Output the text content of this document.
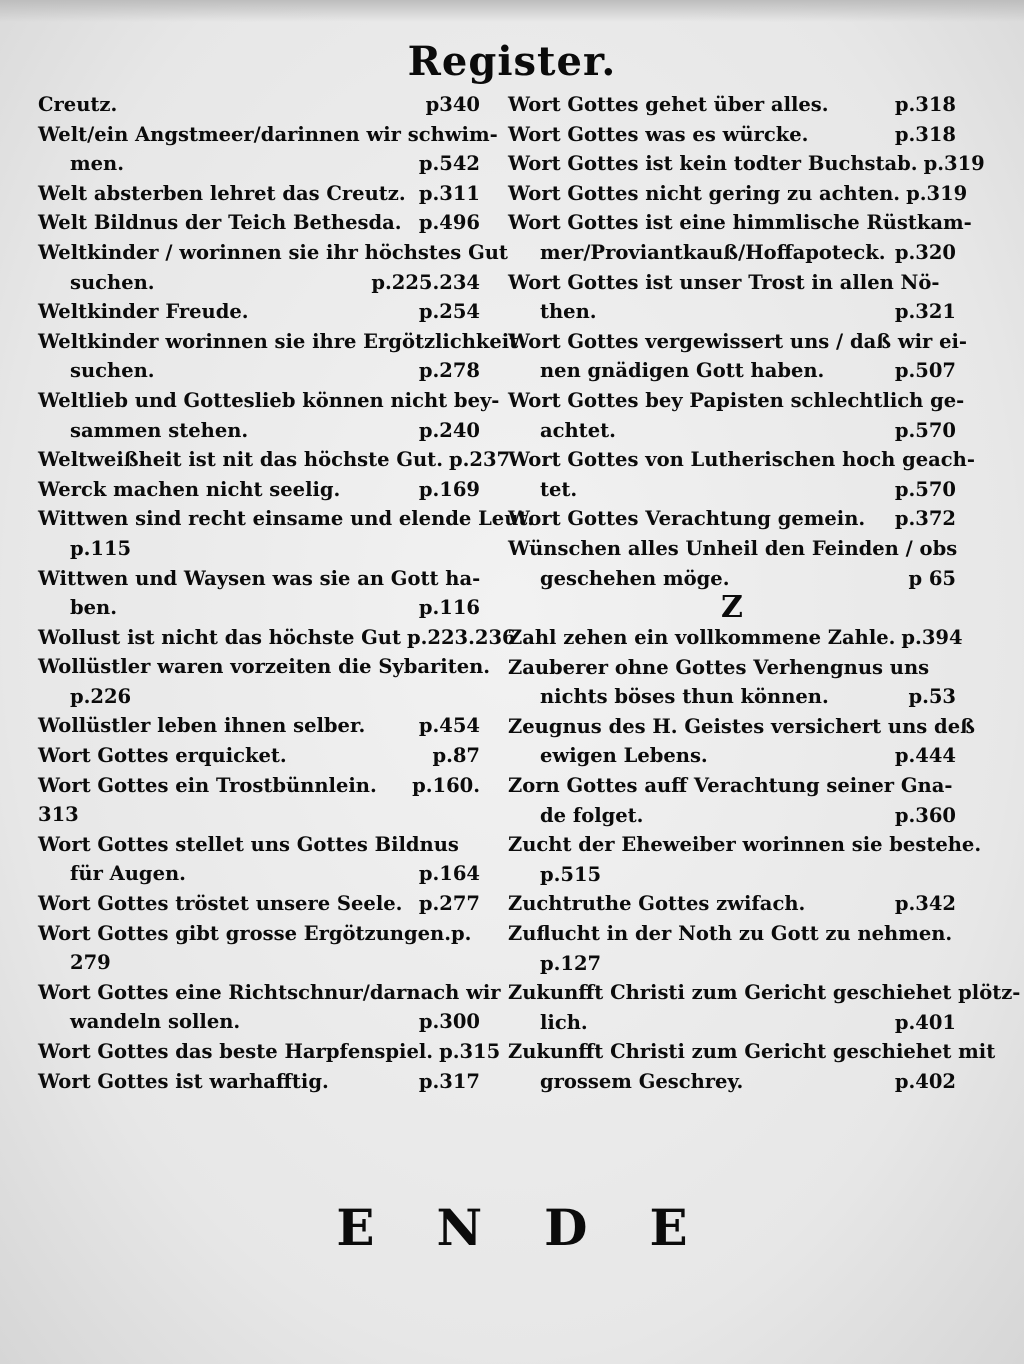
Register.
Creutz.	p340
Welt/ein Angstmeer/darinnen wir schwim-
men.	p.542
Welt absterben lehret das Creutz. p.311
Welt Bildnus der Teich Bethesda. p.496
Weltkinder / worinnen sie ihr höchstes Gut
suchen.	p.225.234
Weltkinder Freude.	p.254
Weltkinder worinnen sie ihre Ergötzlichkeit
suchen.	p.278
Weltlieb und Gotteslieb können nicht bey-
sammen stehen.	p.240
Weltweißheit ist nit das höchste Gut. p.237
Werck machen nicht seelig.	p.169
Wittwen sind recht einsame und elende Leut.
p.115
Wittwen und Waysen was sie an Gott ha-
ben.	p.116
Wollust ist nicht das höchste Gut p.223.236
Wollüstler waren vorzeiten die Sybariten.
p.226
Wollüstler leben ihnen selber.	p.454
Wort Gottes erquicket.	p.87
Wort Gottes ein Trostbünnlein.	p.160.
313
Wort Gottes stellet uns Gottes Bildnus
für Augen.	p.164
Wort Gottes tröstet unsere Seele. p.277
Wort Gottes gibt grosse Ergötzungen.p.
279
Wort Gottes eine Richtschnur/darnach wir
wandeln sollen.	p.300
Wort Gottes das beste Harpfenspiel. p.315
Wort Gottes ist warhafftig.	p.317
Wort Gottes gehet über alles.	p.318
Wort Gottes was es würcke.	p.318
Wort Gottes ist kein todter Buchstab. p.319
Wort Gottes nicht gering zu achten. p.319
Wort Gottes ist eine himmlische Rüstkam-
mer/Proviantkauß/Hoffapoteck. p.320
Wort Gottes ist unser Trost in allen Nö-
then.	p.321
Wort Gottes vergewissert uns / daß wir ei-
nen gnädigen Gott haben.	p.507
Wort Gottes bey Papisten schlechtlich ge-
achtet.	p.570
Wort Gottes von Lutherischen hoch geach-
tet.	p.570
Wort Gottes Verachtung gemein.	p.372
Wünschen alles Unheil den Feinden / obs
geschehen möge.	p 65
Z
Zahl zehen ein vollkommene Zahle. p.394
Zauberer ohne Gottes Verhengnus uns
nichts böses thun können.	p.53
Zeugnus des H. Geistes versichert uns deß
ewigen Lebens.	p.444
Zorn Gottes auff Verachtung seiner Gna-
de folget.	p.360
Zucht der Eheweiber worinnen sie bestehe.
p.515
Zuchtruthe Gottes zwifach.	p.342
Zuflucht in der Noth zu Gott zu nehmen.
p.127
Zukunfft Christi zum Gericht geschiehet plötz-
lich.	p.401
Zukunfft Christi zum Gericht geschiehet mit
grossem Geschrey.	p.402
E N D E
